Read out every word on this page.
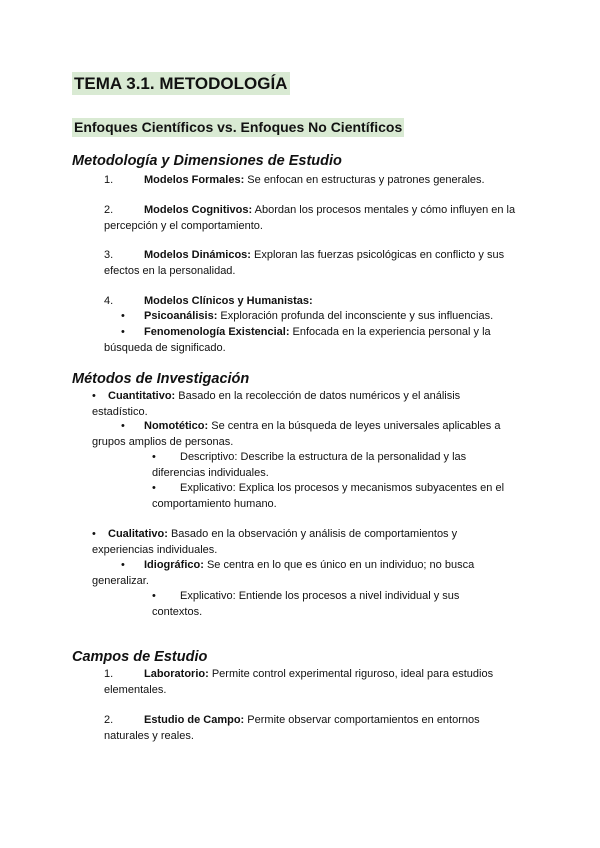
TEMA 3.1. METODOLOGÍA
Enfoques Científicos vs. Enfoques No Científicos
Metodología y Dimensiones de Estudio
1.	Modelos Formales: Se enfocan en estructuras y patrones generales.
2.	Modelos Cognitivos: Abordan los procesos mentales y cómo influyen en la percepción y el comportamiento.
3.	Modelos Dinámicos: Exploran las fuerzas psicológicas en conflicto y sus efectos en la personalidad.
4.	Modelos Clínicos y Humanistas:
• Psicoanálisis: Exploración profunda del inconsciente y sus influencias.
•	Fenomenología Existencial: Enfocada en la experiencia personal y la búsqueda de significado.
Métodos de Investigación
•	Cuantitativo: Basado en la recolección de datos numéricos y el análisis estadístico.
•	Nomotético: Se centra en la búsqueda de leyes universales aplicables a grupos amplios de personas.
•	Descriptivo: Describe la estructura de la personalidad y las diferencias individuales.
•	Explicativo: Explica los procesos y mecanismos subyacentes en el comportamiento humano.
•	Cualitativo: Basado en la observación y análisis de comportamientos y experiencias individuales.
•	Idiográfico: Se centra en lo que es único en un individuo; no busca generalizar.
•	Explicativo: Entiende los procesos a nivel individual y sus contextos.
Campos de Estudio
1.	Laboratorio: Permite control experimental riguroso, ideal para estudios elementales.
2.	Estudio de Campo: Permite observar comportamientos en entornos naturales y reales.
